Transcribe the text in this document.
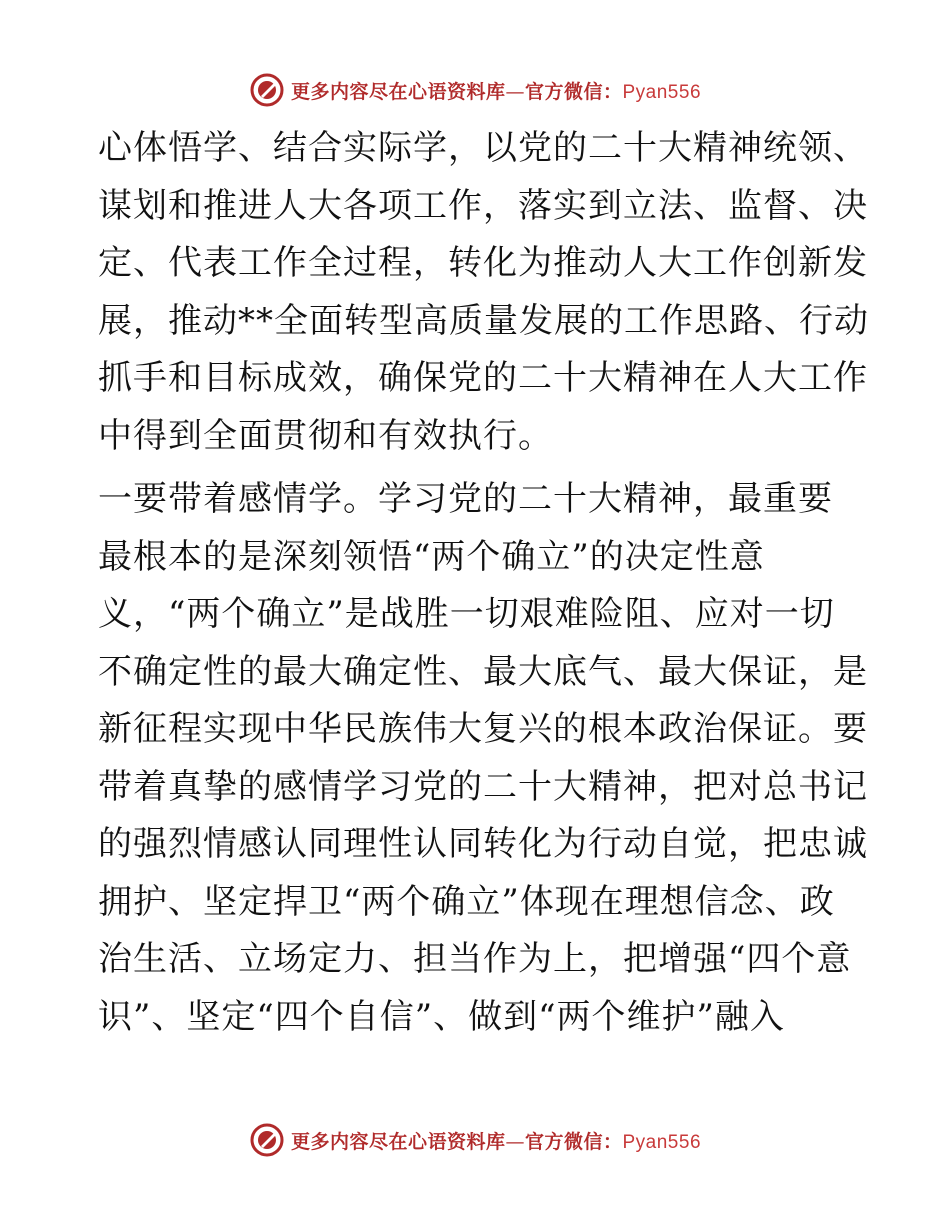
更多内容尽在心语资料库—官方微信：Pyan556

心体悟学、结合实际学，以党的二十大精神统领、
谋划和推进人大各项工作，落实到立法、监督、决
定、代表工作全过程，转化为推动人大工作创新发
展，推动**全面转型高质量发展的工作思路、行动
抓手和目标成效，确保党的二十大精神在人大工作
中得到全面贯彻和有效执行。

一要带着感情学。学习党的二十大精神，最重要
最根本的是深刻领悟“两个确立”的决定性意
义，“两个确立”是战胜一切艰难险阻、应对一切
不确定性的最大确定性、最大底气、最大保证，是
新征程实现中华民族伟大复兴的根本政治保证。要
带着真挚的感情学习党的二十大精神，把对总书记
的强烈情感认同理性认同转化为行动自觉，把忠诚
拥护、坚定捍卫“两个确立”体现在理想信念、政
治生活、立场定力、担当作为上，把增强“四个意
识”、坚定“四个自信”、做到“两个维护”融入

更多内容尽在心语资料库—官方微信：Pyan556
